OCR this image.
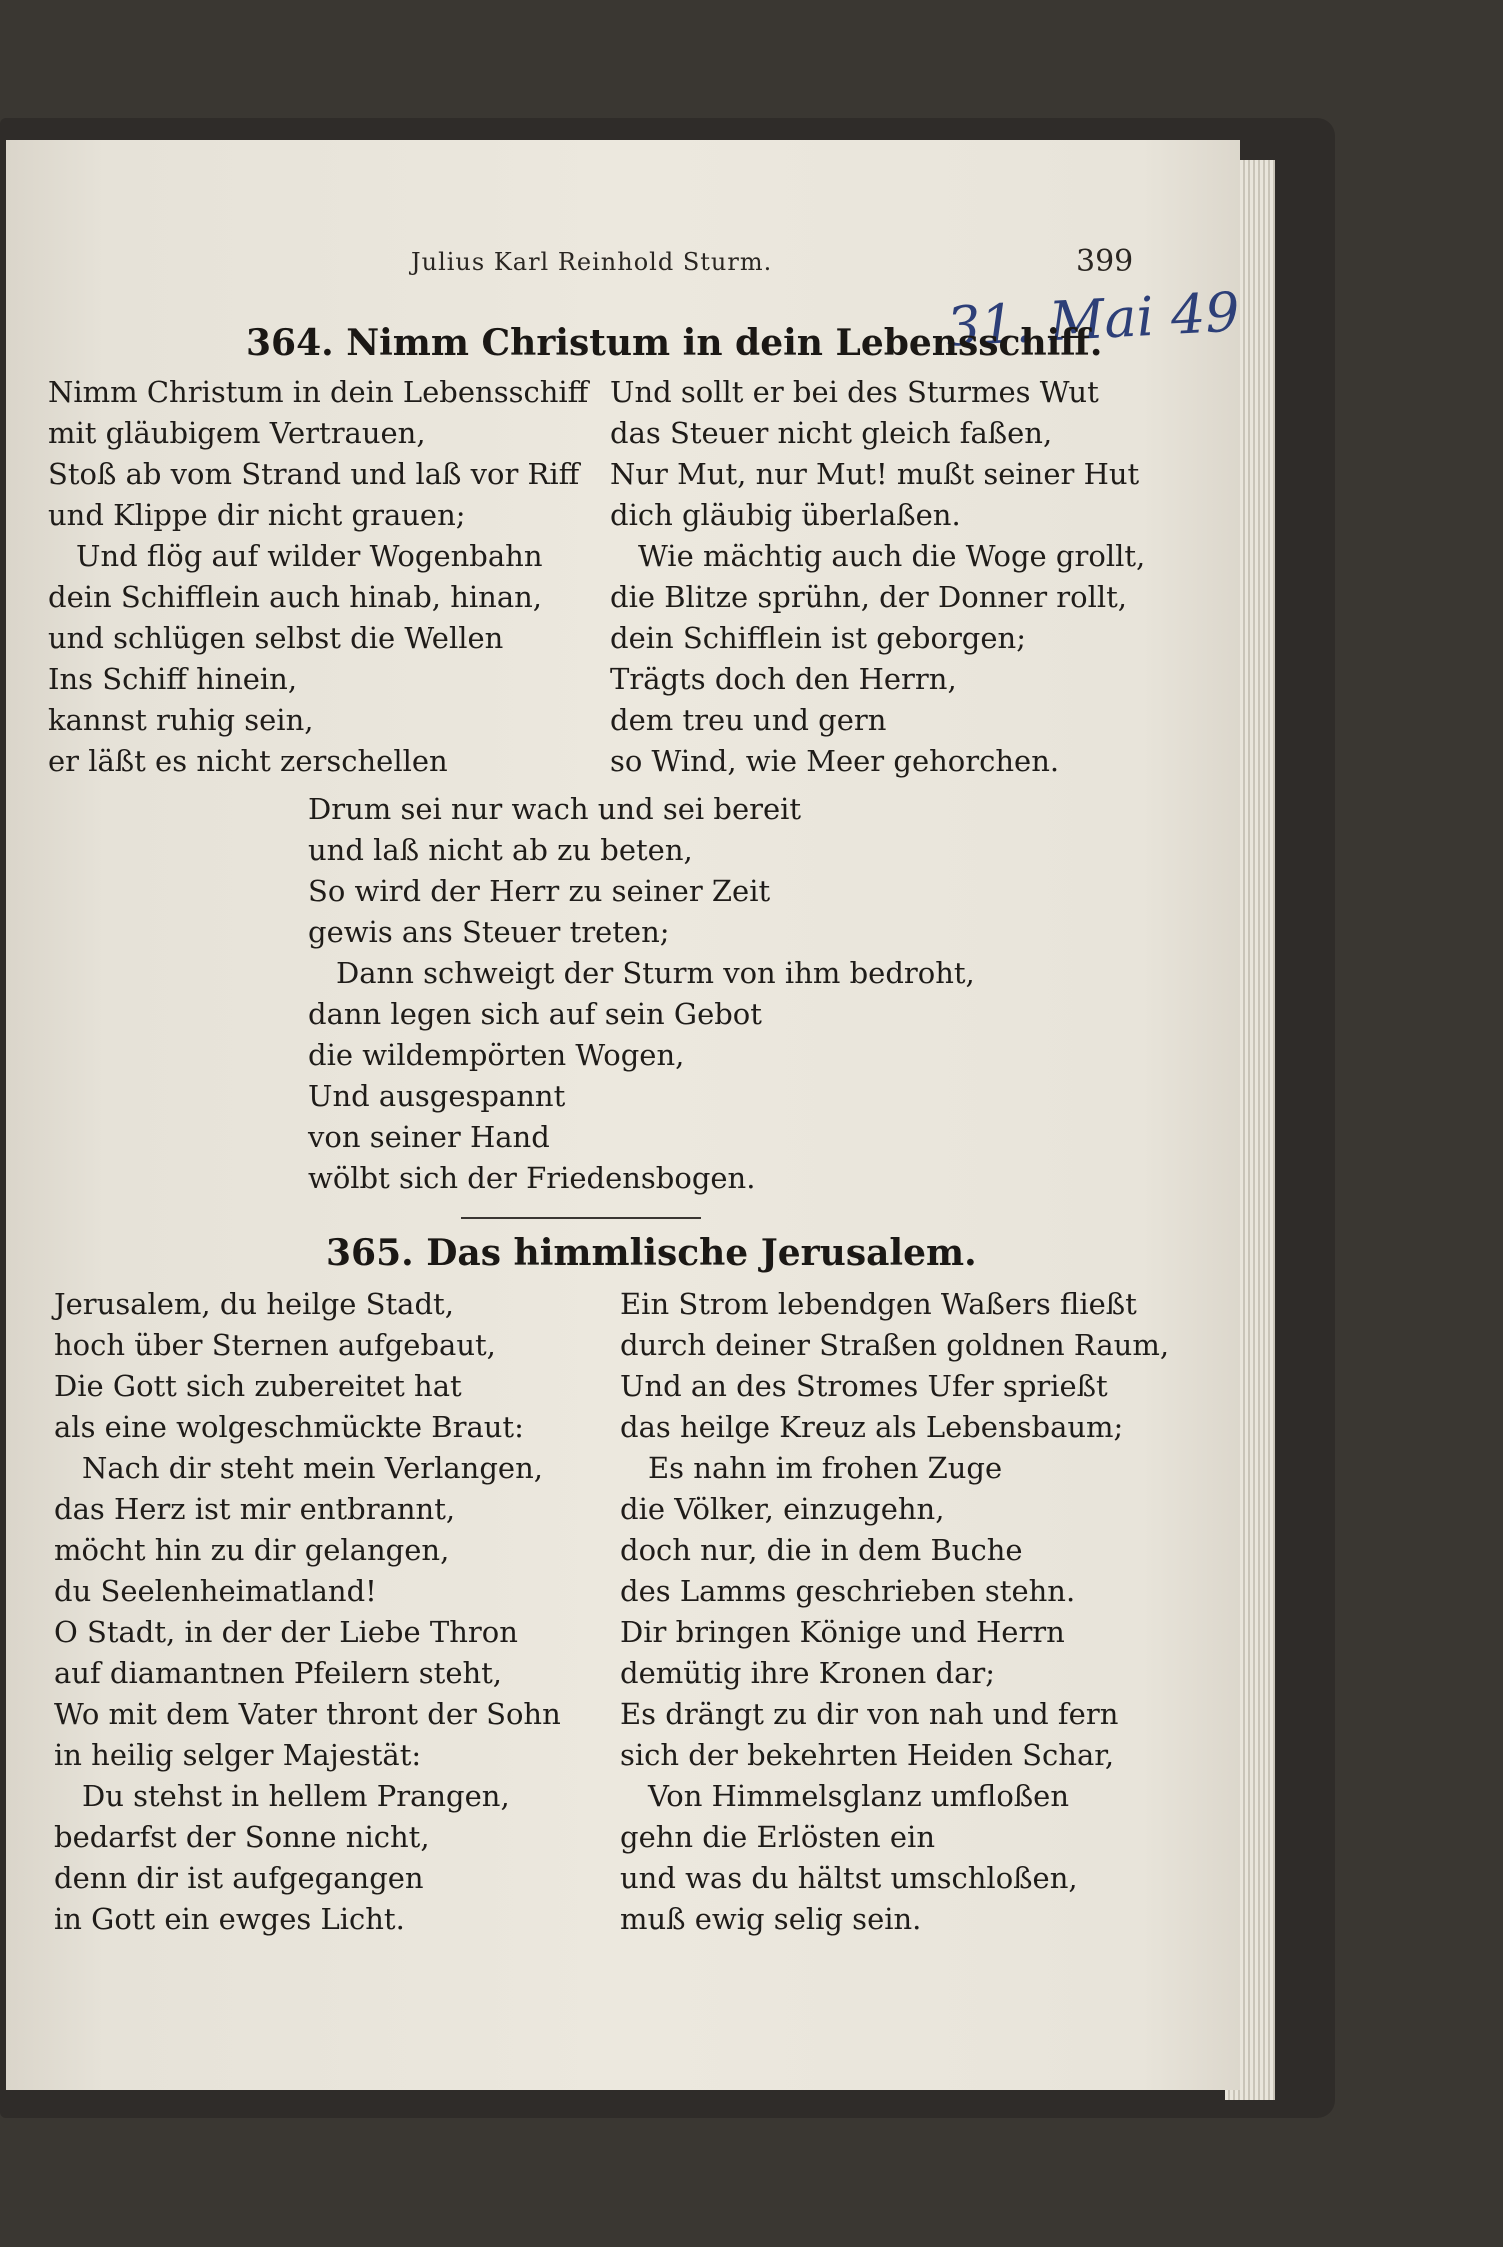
Julius Karl Reinhold Sturm.	399
31. Mai 49
364. Nimm Christum in dein Lebensschiff.
Nimm Christum in dein Lebensschiff
mit gläubigem Vertrauen,
Stoß ab vom Strand und laß vor Riff
und Klippe dir nicht grauen;
Und flög auf wilder Wogenbahn
dein Schifflein auch hinab, hinan,
und schlügen selbst die Wellen
Ins Schiff hinein,
kannst ruhig sein,
er läßt es nicht zerschellen
Und sollt er bei des Sturmes Wut
das Steuer nicht gleich faßen,
Nur Mut, nur Mut! mußt seiner Hut
dich gläubig überlaßen.
Wie mächtig auch die Woge grollt,
die Blitze sprühn, der Donner rollt,
dein Schifflein ist geborgen;
Trägts doch den Herrn,
dem treu und gern
so Wind, wie Meer gehorchen.
Drum sei nur wach und sei bereit
und laß nicht ab zu beten,
So wird der Herr zu seiner Zeit
gewis ans Steuer treten;
Dann schweigt der Sturm von ihm bedroht,
dann legen sich auf sein Gebot
die wildempörten Wogen,
Und ausgespannt
von seiner Hand
wölbt sich der Friedensbogen.
365. Das himmlische Jerusalem.
Jerusalem, du heilge Stadt,
hoch über Sternen aufgebaut,
Die Gott sich zubereitet hat
als eine wolgeschmückte Braut:
Nach dir steht mein Verlangen,
das Herz ist mir entbrannt,
möcht hin zu dir gelangen,
du Seelenheimatland!
O Stadt, in der der Liebe Thron
auf diamantnen Pfeilern steht,
Wo mit dem Vater thront der Sohn
in heilig selger Majestät:
Du stehst in hellem Prangen,
bedarfst der Sonne nicht,
denn dir ist aufgegangen
in Gott ein ewges Licht.
Ein Strom lebendgen Waßers fließt
durch deiner Straßen goldnen Raum,
Und an des Stromes Ufer sprießt
das heilge Kreuz als Lebensbaum;
Es nahn im frohen Zuge
die Völker, einzugehn,
doch nur, die in dem Buche
des Lamms geschrieben stehn.
Dir bringen Könige und Herrn
demütig ihre Kronen dar;
Es drängt zu dir von nah und fern
sich der bekehrten Heiden Schar,
Von Himmelsglanz umfloßen
gehn die Erlösten ein
und was du hältst umschloßen,
muß ewig selig sein.
